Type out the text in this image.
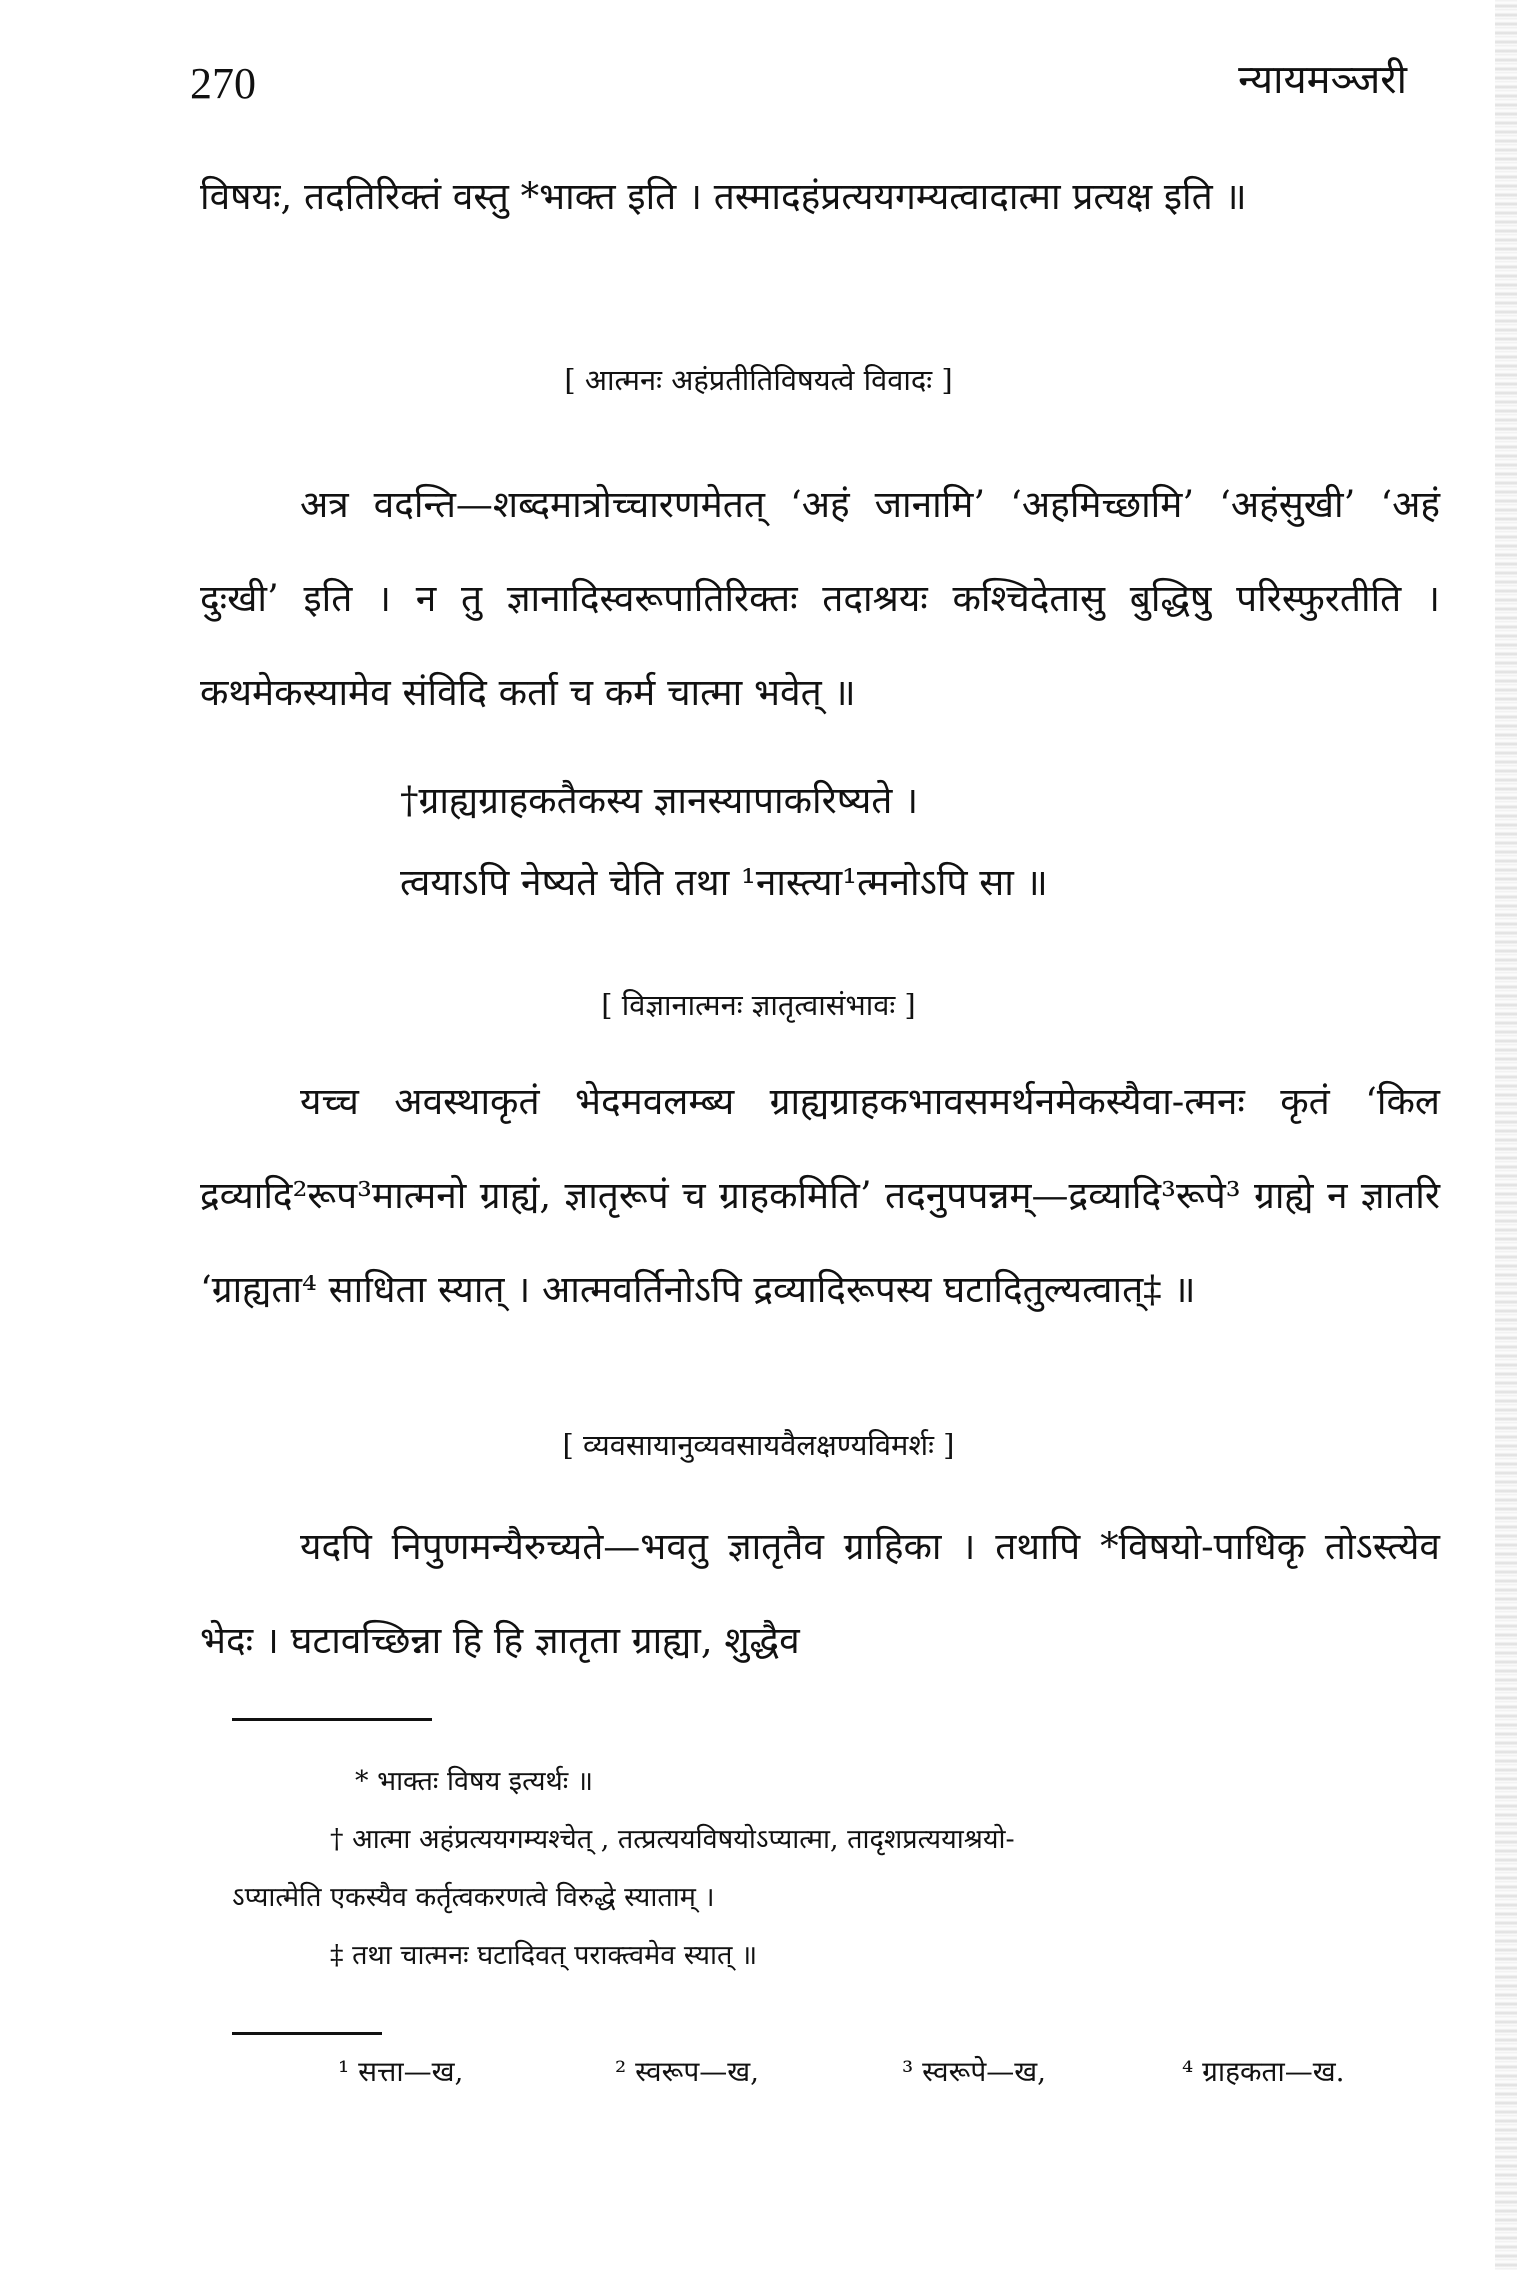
270	न्यायमञ्जरी
विषयः, तदतिरिक्तं वस्तु *भाक्त इति । तस्मादहंप्रत्ययगम्यत्वादात्मा प्रत्यक्ष इति ॥
[ आत्मनः अहंप्रतीतिविषयत्वे विवादः ]
अत्र वदन्ति—शब्दमात्रोच्चारणमेतत् ‘अहं जानामि’ ‘अहमिच्छामि’ ‘अहंसुखी’ ‘अहं दुःखी’ इति । न तु ज्ञानादिस्वरूपातिरिक्तः तदाश्रयः कश्चिदेतासु बुद्धिषु परिस्फुरतीति । कथमेकस्यामेव संविदि कर्ता च कर्म चात्मा भवेत् ॥
†ग्राह्यग्राहकतैकस्य ज्ञानस्यापाकरिष्यते ।
त्वयाऽपि नेष्यते चेति तथा ¹नास्त्या¹त्मनोऽपि सा ॥
[ विज्ञानात्मनः ज्ञातृत्वासंभावः ]
यच्च अवस्थाकृतं भेदमवलम्ब्य ग्राह्यग्राहकभावसमर्थनमेकस्यैवा-त्मनः कृतं ‘किल द्रव्यादि²रूप³मात्मनो ग्राह्यं, ज्ञातृरूपं च ग्राहकमिति’ तदनुपपन्नम्—द्रव्यादि³रूपे³ ग्राह्ये न ज्ञातरि ‘ग्राह्यता⁴ साधिता स्यात् । आत्मवर्तिनोऽपि द्रव्यादिरूपस्य घटादितुल्यत्वात्‡ ॥
[ व्यवसायानुव्यवसायवैलक्षण्यविमर्शः ]
यदपि निपुणमन्यैरुच्यते—भवतु ज्ञातृतैव ग्राहिका । तथापि *विषयो-पाधिकृ तोऽस्त्येव भेदः । घटावच्छिन्ना हि हि ज्ञातृता ग्राह्या, शुद्धैव
* भाक्तः विषय इत्यर्थः ॥
† आत्मा अहंप्रत्ययगम्यश्चेत् , तत्प्रत्ययविषयोऽप्यात्मा, तादृशप्रत्ययाश्रयो-
ऽप्यात्मेति एकस्यैव कर्तृत्वकरणत्वे विरुद्धे स्याताम् ।
‡ तथा चात्मनः घटादिवत् पराक्त्वमेव स्यात् ॥
¹ सत्ता—ख,	² स्वरूप—ख,	³ स्वरूपे—ख,	⁴ ग्राहकता—ख.
